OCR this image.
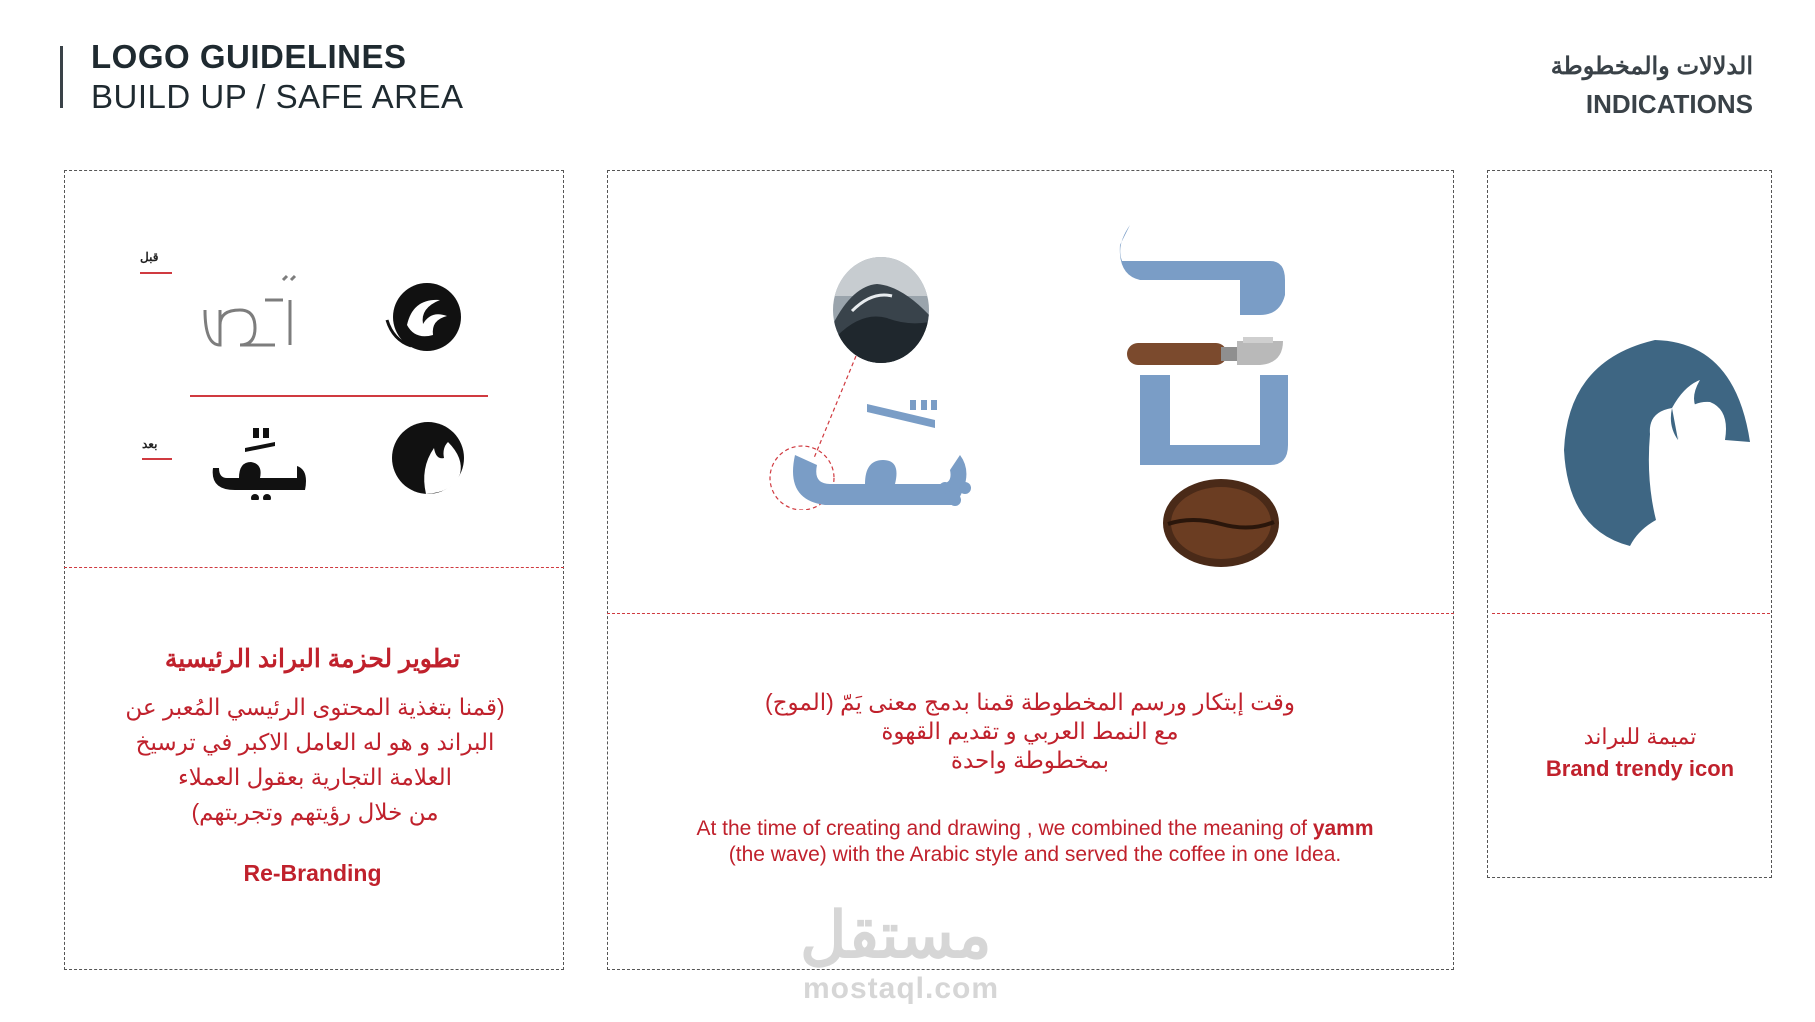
LOGO GUIDELINES
BUILD UP / SAFE AREA
الدلالات والمخطوطة
INDICATIONS
قبل
بعد
تطوير لحزمة البراند الرئيسية
(قمنا بتغذية المحتوى الرئيسي المُعبر عن
البراند و هو له العامل الاكبر في ترسيخ
العلامة التجارية بعقول العملاء
من خلال رؤيتهم وتجربتهم)
Re-Branding
وقت إبتكار ورسم المخطوطة قمنا بدمج معنى يَمّ (الموج)
مع النمط العربي و تقديم القهوة
بمخطوطة واحدة
At the time of creating and drawing , we combined the meaning of yamm (the wave) with the Arabic style and served the coffee in one Idea.
تميمة للبراند
Brand trendy icon
مستقل
mostaql.com
